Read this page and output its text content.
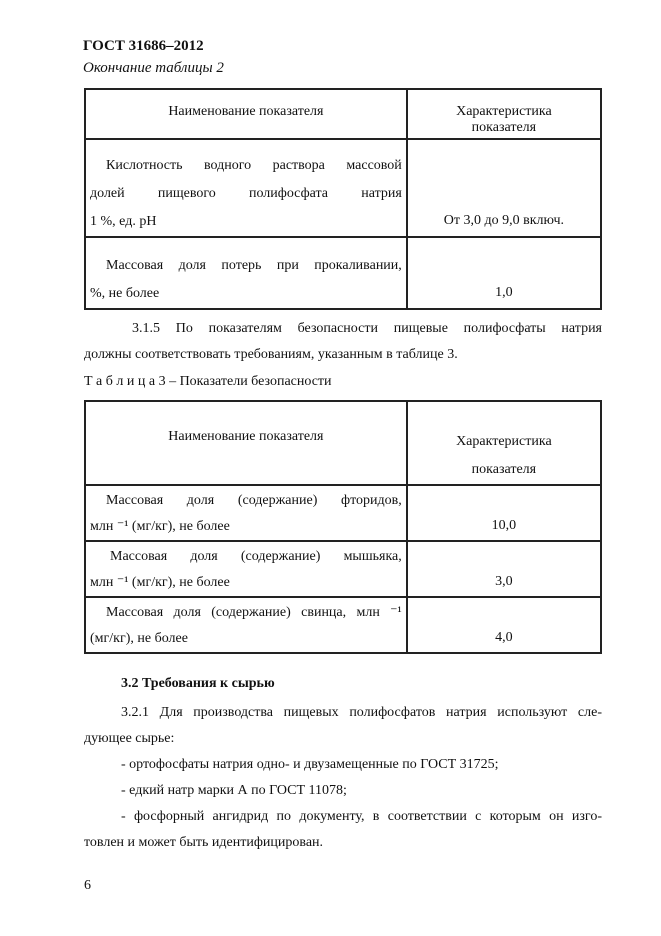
ГОСТ 31686–2012
Окончание таблицы 2
Наименование показателя	Характеристика
показателя

Кислотность водного раствора массовой
долей пищевого полифосфата натрия
1 %, ед. pH	От 3,0 до 9,0 включ.

Массовая доля потерь при прокаливании,
%, не более	1,0
3.1.5 По показателям безопасности пищевые полифосфаты натрия
должны соответствовать требованиям, указанным в таблице 3.
Т а б л и ц а 3 – Показатели безопасности
Наименование показателя	Характеристика
показателя

Массовая доля (содержание) фторидов,
млн ⁻¹ (мг/кг), не более	10,0

Массовая доля (содержание) мышьяка,
млн ⁻¹ (мг/кг), не более	3,0

Массовая доля (содержание) свинца, млн ⁻¹
(мг/кг), не более	4,0
3.2 Требования к сырью
3.2.1 Для производства пищевых полифосфатов натрия используют сле-
дующее сырье:
- ортофосфаты натрия одно- и двузамещенные по ГОСТ 31725;
- едкий натр марки А по ГОСТ 11078;
- фосфорный ангидрид по документу, в соответствии с которым он изго-
товлен и может быть идентифицирован.
6
